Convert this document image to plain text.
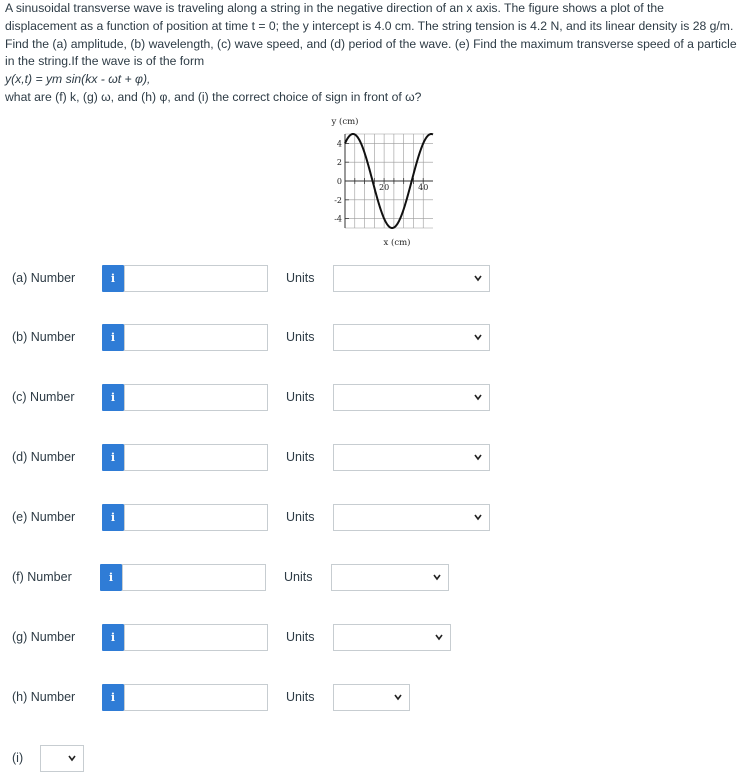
A sinusoidal transverse wave is traveling along a string in the negative direction of an x axis. The figure shows a plot of the

displacement as a function of position at time t = 0; the y intercept is 4.0 cm. The string tension is 4.2 N, and its linear density is 28 g/m.

Find the (a) amplitude, (b) wavelength, (c) wave speed, and (d) period of the wave. (e) Find the maximum transverse speed of a particle

in the string.If the wave is of the form

y(x,t) = ym sin(kx - ωt + φ),

what are (f) k, (g) ω, and (h) φ, and (i) the correct choice of sign in front of ω?

4
2
0
-2
-4
20	40
y (cm)
x (cm)
(a) Number	i	Units
(b) Number	i	Units
(c) Number	i	Units
(d) Number	i	Units
(e) Number	i	Units
(f) Number	i	Units
(g) Number	i	Units
(h) Number	i	Units
(i)
